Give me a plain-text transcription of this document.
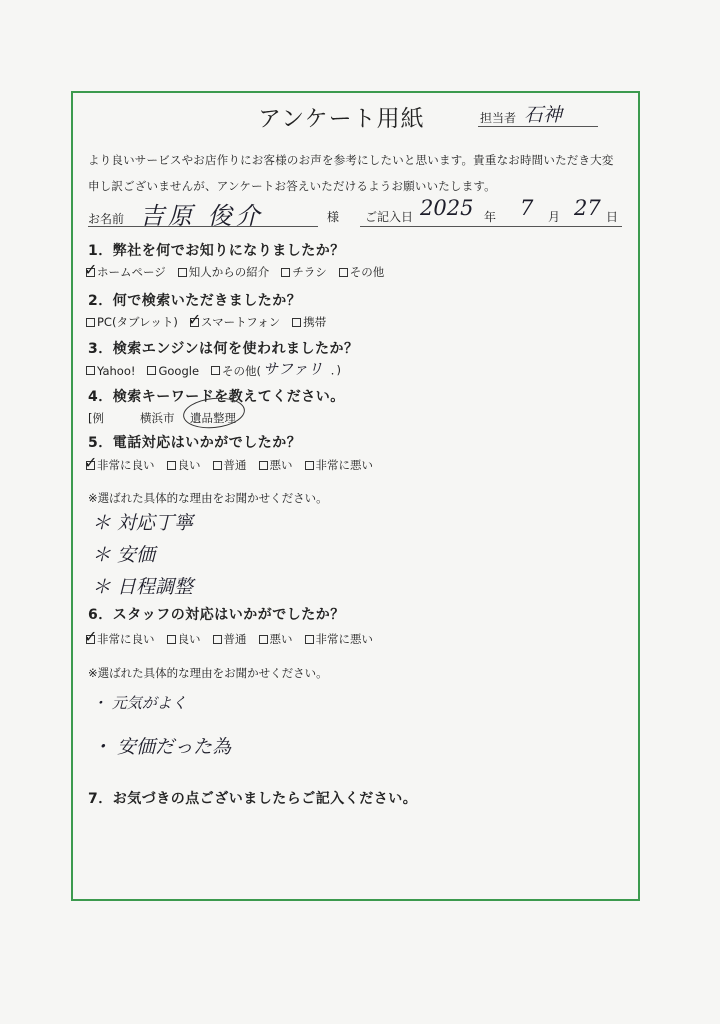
アンケート用紙	担当者 石神
より良いサービスやお店作りにお客様のお声を参考にしたいと思います。貴重なお時間いただき大変
申し訳ございませんが、アンケートお答えいただけるようお願いいたします。
お名前 吉原 俊介	様 ご記入日 2025 年 7 月 27 日
1．弊社を何でお知りになりましたか？
✓
ホームページ 知人からの紹介 チラシ その他
2．何で検索いただきましたか？
PC(タブレット) ✓ スマートフォン 携帯
3．検索エンジンは何を使われましたか？
Yahoo! Google その他( サファリ ．)
4．検索キーワードを教えてください。
[例	横浜市 遺品整理
5．電話対応はいかがでしたか？
✓
非常に良い 良い 普通 悪い 非常に悪い
※選ばれた具体的な理由をお聞かせください。
＊ 対応丁寧
＊ 安価
＊ 日程調整
6．スタッフの対応はいかがでしたか？
✓
非常に良い 良い 普通 悪い 非常に悪い
※選ばれた具体的な理由をお聞かせください。
・ 元気がよく
・ 安価だった為
7．お気づきの点ございましたらご記入ください。
